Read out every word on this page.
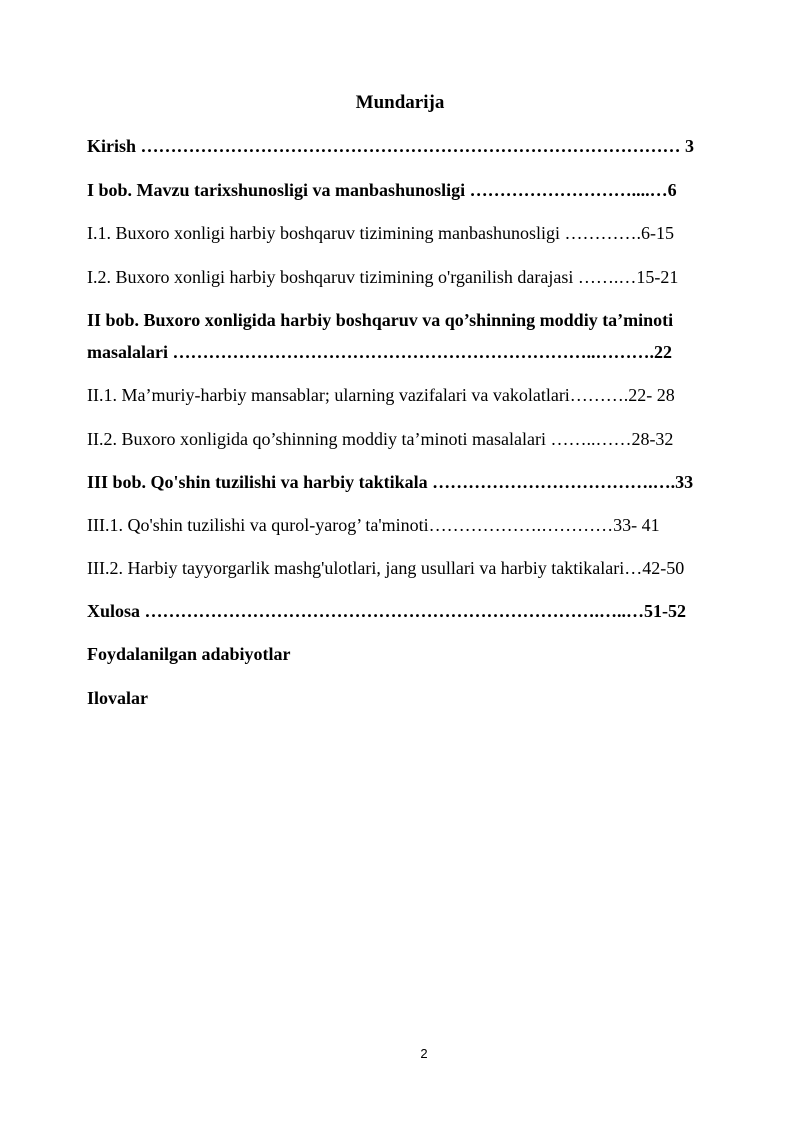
Mundarija
Kirish ……………………………………………………………………………… 3
I bob. Mavzu tarixshunosligi va manbashunosligi ………………………....…6
I.1. Buxoro xonligi harbiy boshqaruv tizimining manbashunosligi ………….6-15
I.2. Buxoro xonligi harbiy boshqaruv tizimining o'rganilish darajasi …….…15-21
II bob. Buxoro xonligida harbiy boshqaruv va qo’shinning moddiy ta’minoti
masalalari ……………………………………………………………..……….22
II.1. Ma’muriy-harbiy mansablar; ularning vazifalari va vakolatlari……….22- 28
II.2. Buxoro xonligida qo’shinning moddiy ta’minoti masalalari ……..……28-32
III bob. Qo'shin tuzilishi va harbiy taktikala ……………………………….….33
III.1. Qo'shin tuzilishi va qurol-yarog’ ta'minoti……………….…………33- 41
III.2. Harbiy tayyorgarlik mashg'ulotlari, jang usullari va harbiy taktikalari…42-50
Xulosa ………………………………………………………………….…..…51-52
Foydalanilgan adabiyotlar
Ilovalar
2
